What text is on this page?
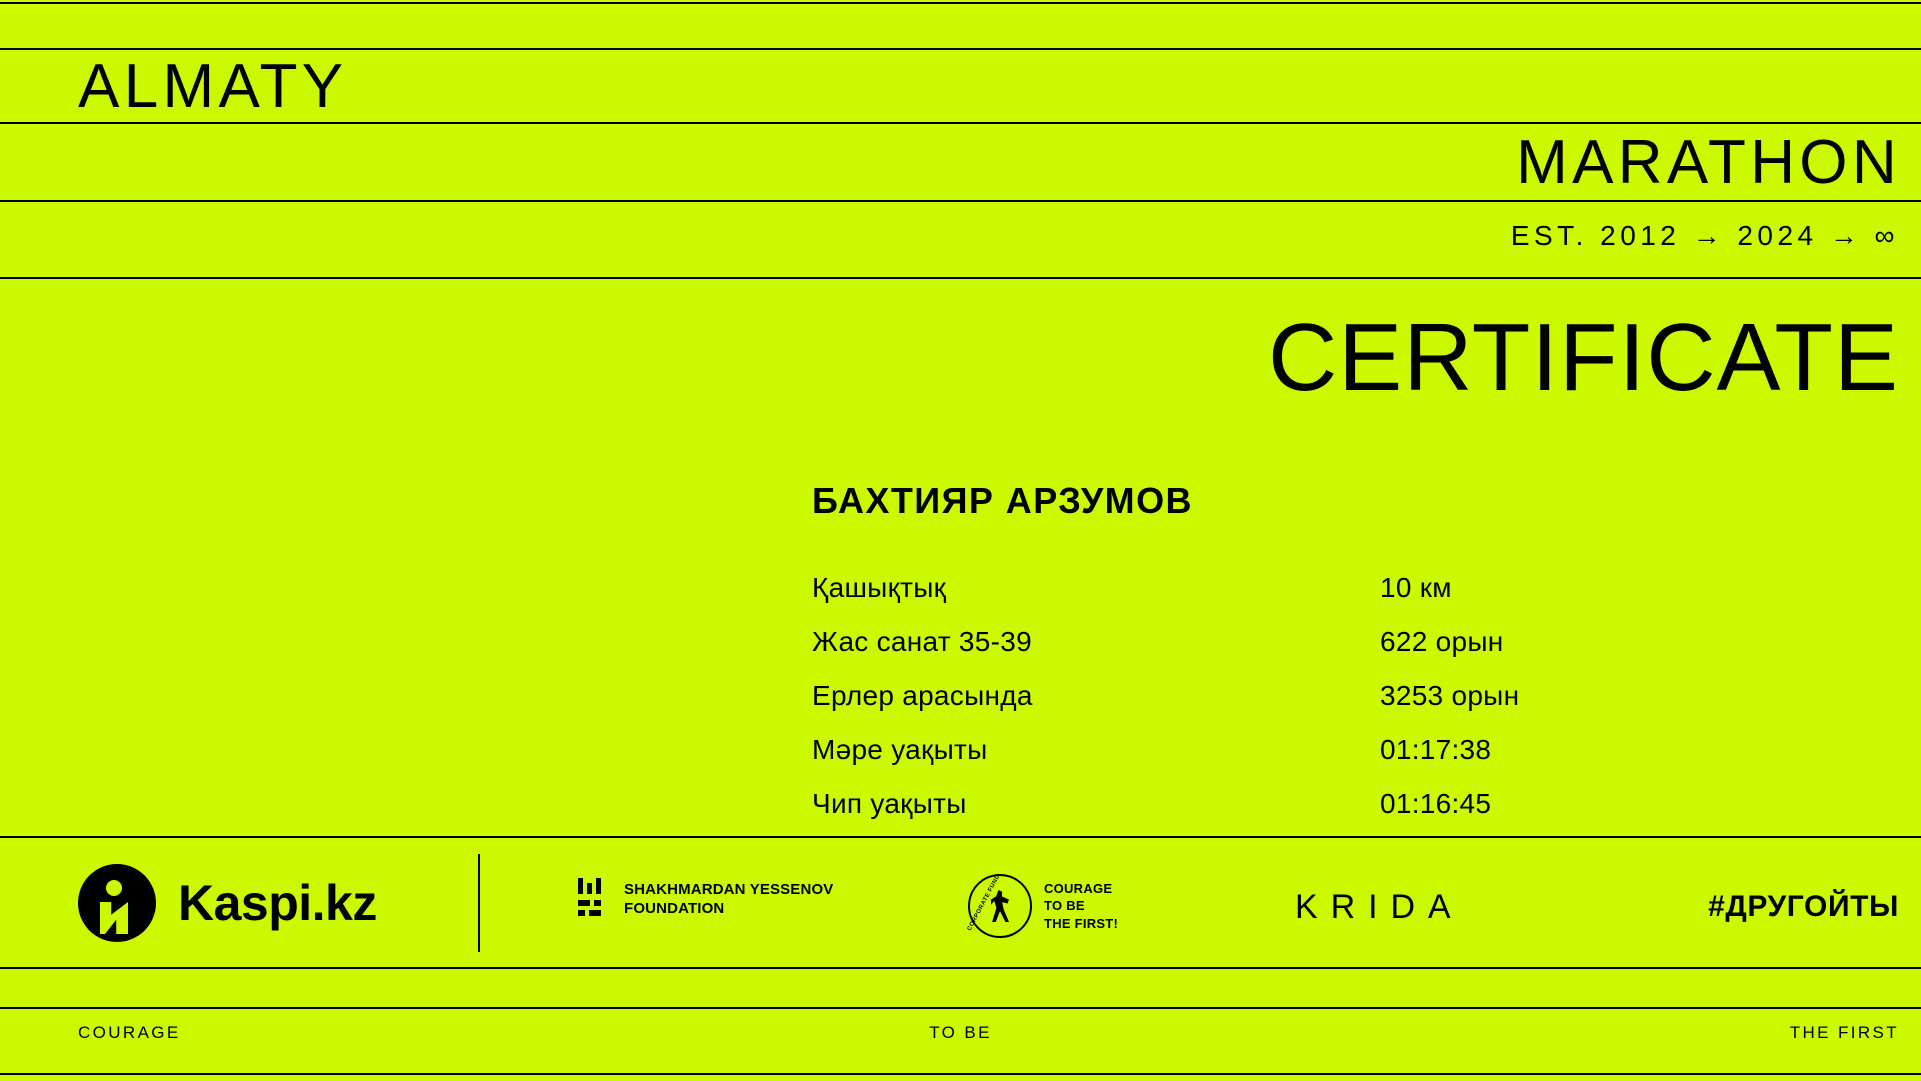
ALMATY
MARATHON
EST. 2012 → 2024 → ∞
CERTIFICATE
БАХТИЯР АРЗУМОВ
Қашықтық	10 км
Жас санат 35-39	622 орын
Ерлер арасында	3253 орын
Мәре уақыты	01:17:38
Чип уақыты	01:16:45
Kaspi.kz	SHAKHMARDAN YESSENOV
FOUNDATION	CORPORATE FUND	COURAGE
TO BE
THE FIRST!	KRIDA	#ДРУГОЙТЫ
COURAGE	TO BE	THE FIRST
